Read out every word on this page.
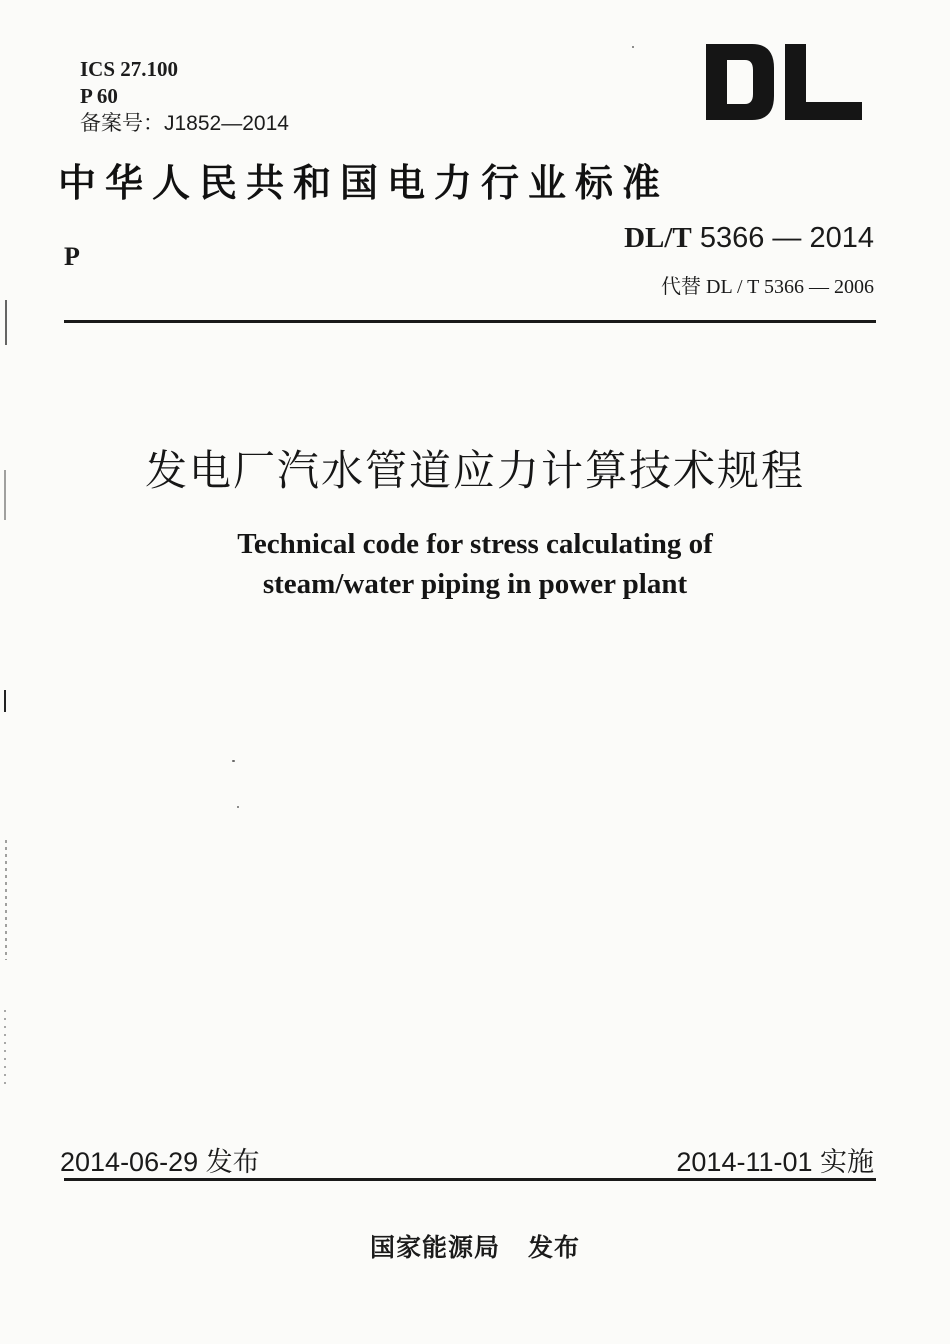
ICS 27.100
P 60
备案号：J1852—2014
中华人民共和国电力行业标准
P
DL/T 5366 — 2014
代替 DL / T 5366 — 2006
发电厂汽水管道应力计算技术规程
Technical code for stress calculating of
steam/water piping in power plant
2014-06-29 发布	2014-11-01 实施
国家能源局 发布
